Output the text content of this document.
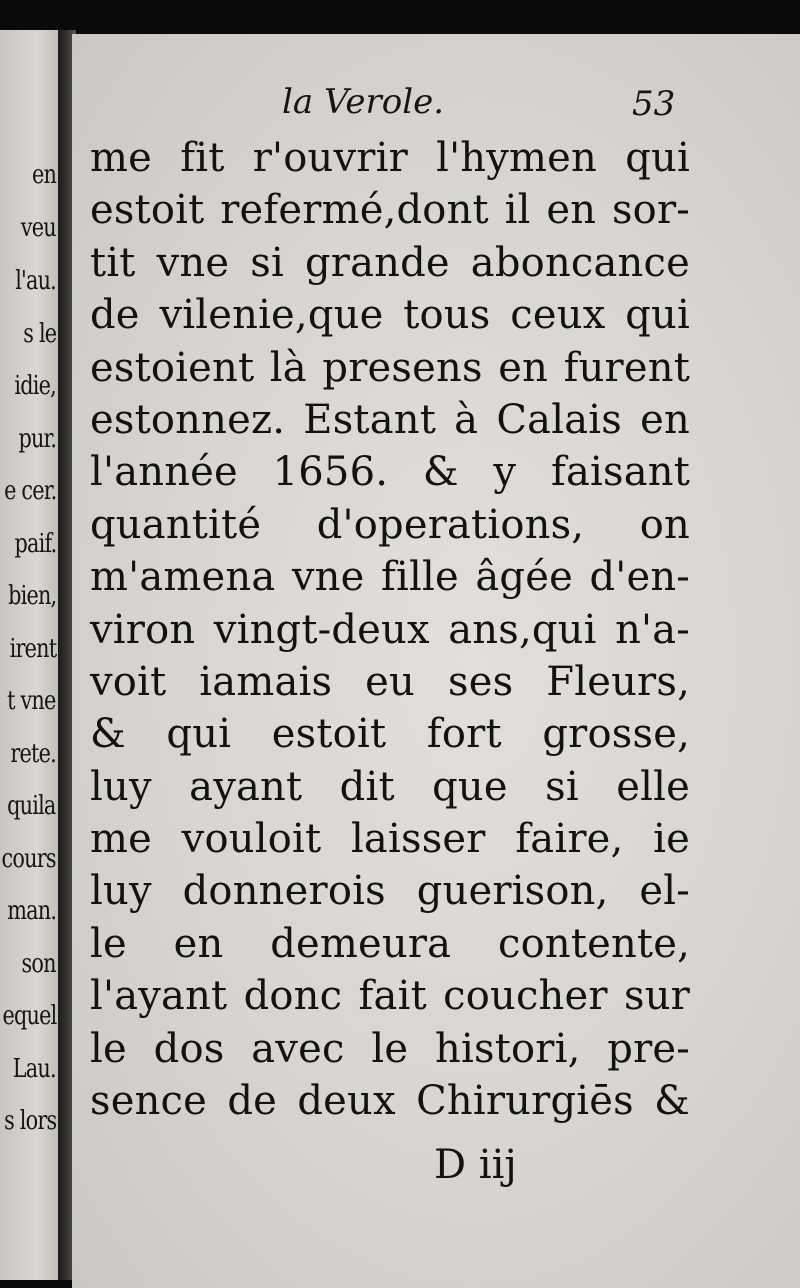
en
veu
l'au.
s le
idie,
pur.
e cer.
paif.
bien,
irent
t vne
rete.
quila
cours
man.
son
equel
Lau.
s lors
la Verole.	53
me fit r'ouvrir l'hymen qui
estoit refermé,dont il en sor-
tit vne si grande aboncance
de vilenie,que tous ceux qui
estoient là presens en furent
estonnez. Estant à Calais en
l'année 1656. & y faisant
quantité d'operations, on
m'amena vne fille âgée d'en-
viron vingt-deux ans,qui n'a-
voit iamais eu ses Fleurs,
& qui estoit fort grosse,
luy ayant dit que si elle
me vouloit laisser faire, ie
luy donnerois guerison, el-
le en demeura contente,
l'ayant donc fait coucher sur
le dos avec le histori, pre-
sence de deux Chirurgiēs &
D iij
